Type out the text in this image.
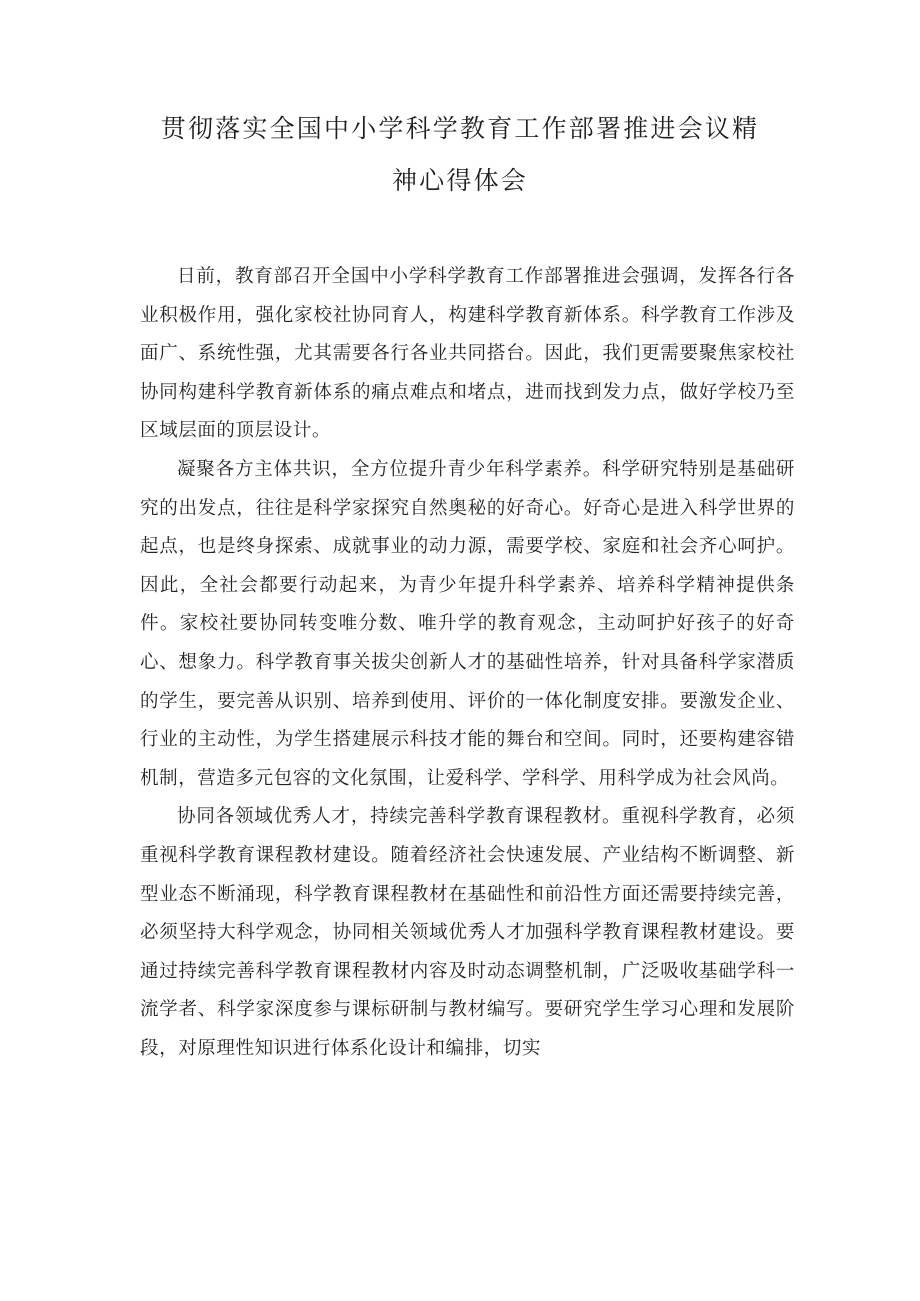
贯彻落实全国中小学科学教育工作部署推进会议精
神心得体会

日前，教育部召开全国中小学科学教育工作部署推进会强调，发挥各行各业积极作用，强化家校社协同育人，构建科学教育新体系。科学教育工作涉及面广、系统性强，尤其需要各行各业共同搭台。因此，我们更需要聚焦家校社协同构建科学教育新体系的痛点难点和堵点，进而找到发力点，做好学校乃至区域层面的顶层设计。

凝聚各方主体共识，全方位提升青少年科学素养。科学研究特别是基础研究的出发点，往往是科学家探究自然奥秘的好奇心。好奇心是进入科学世界的起点，也是终身探索、成就事业的动力源，需要学校、家庭和社会齐心呵护。因此，全社会都要行动起来，为青少年提升科学素养、培养科学精神提供条件。家校社要协同转变唯分数、唯升学的教育观念，主动呵护好孩子的好奇心、想象力。科学教育事关拔尖创新人才的基础性培养，针对具备科学家潜质的学生，要完善从识别、培养到使用、评价的一体化制度安排。要激发企业、行业的主动性，为学生搭建展示科技才能的舞台和空间。同时，还要构建容错机制，营造多元包容的文化氛围，让爱科学、学科学、用科学成为社会风尚。

协同各领域优秀人才，持续完善科学教育课程教材。重视科学教育，必须重视科学教育课程教材建设。随着经济社会快速发展、产业结构不断调整、新型业态不断涌现，科学教育课程教材在基础性和前沿性方面还需要持续完善，必须坚持大科学观念，协同相关领域优秀人才加强科学教育课程教材建设。要通过持续完善科学教育课程教材内容及时动态调整机制，广泛吸收基础学科一流学者、科学家深度参与课标研制与教材编写。要研究学生学习心理和发展阶段，对原理性知识进行体系化设计和编排，切实
